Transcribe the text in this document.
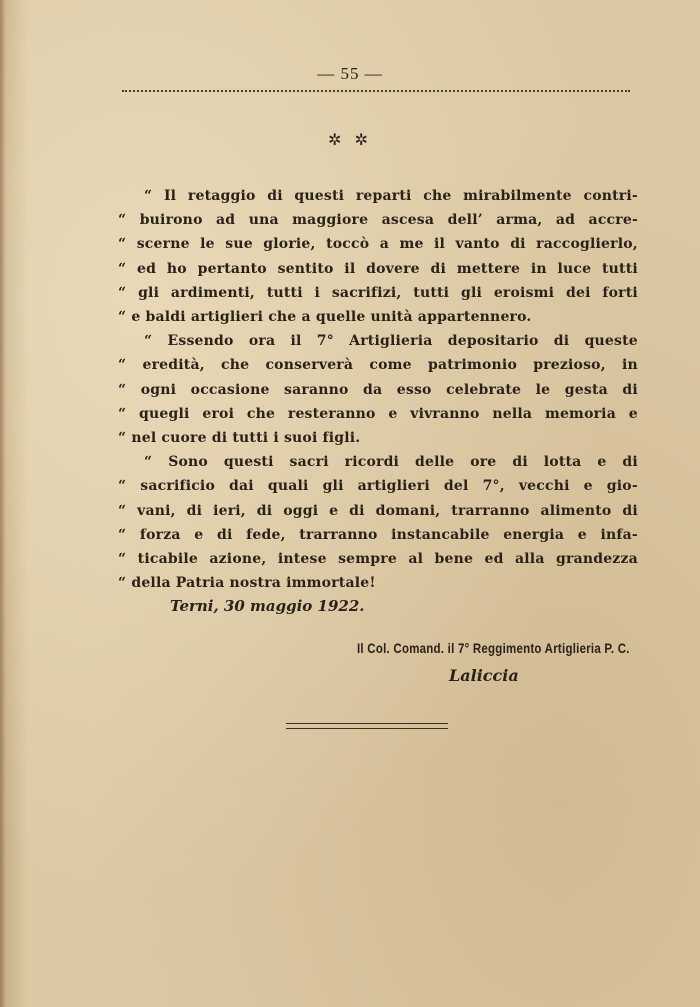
— 55 —
✲ ✲
“ Il retaggio di questi reparti che mirabilmente contri-
“ buirono ad una maggiore ascesa dell’ arma, ad accre-
“ scerne le sue glorie, toccò a me il vanto di raccoglierlo,
“ ed ho pertanto sentito il dovere di mettere in luce tutti
“ gli ardimenti, tutti i sacrifizi, tutti gli eroismi dei forti
“ e baldi artiglieri che a quelle unità appartennero.
“ Essendo ora il 7° Artiglieria depositario di queste
“ eredità, che conserverà come patrimonio prezioso, in
“ ogni occasione saranno da esso celebrate le gesta di
“ quegli eroi che resteranno e vivranno nella memoria e
“ nel cuore di tutti i suoi figli.
“ Sono questi sacri ricordi delle ore di lotta e di
“ sacrificio dai quali gli artiglieri del 7°, vecchi e gio-
“ vani, di ieri, di oggi e di domani, trarranno alimento di
“ forza e di fede, trarranno instancabile energia e infa-
“ ticabile azione, intese sempre al bene ed alla grandezza
“ della Patria nostra immortale!
Terni, 30 maggio 1922.
Il Col. Comand. il 7° Reggimento Artiglieria P. C.
Laliccia
